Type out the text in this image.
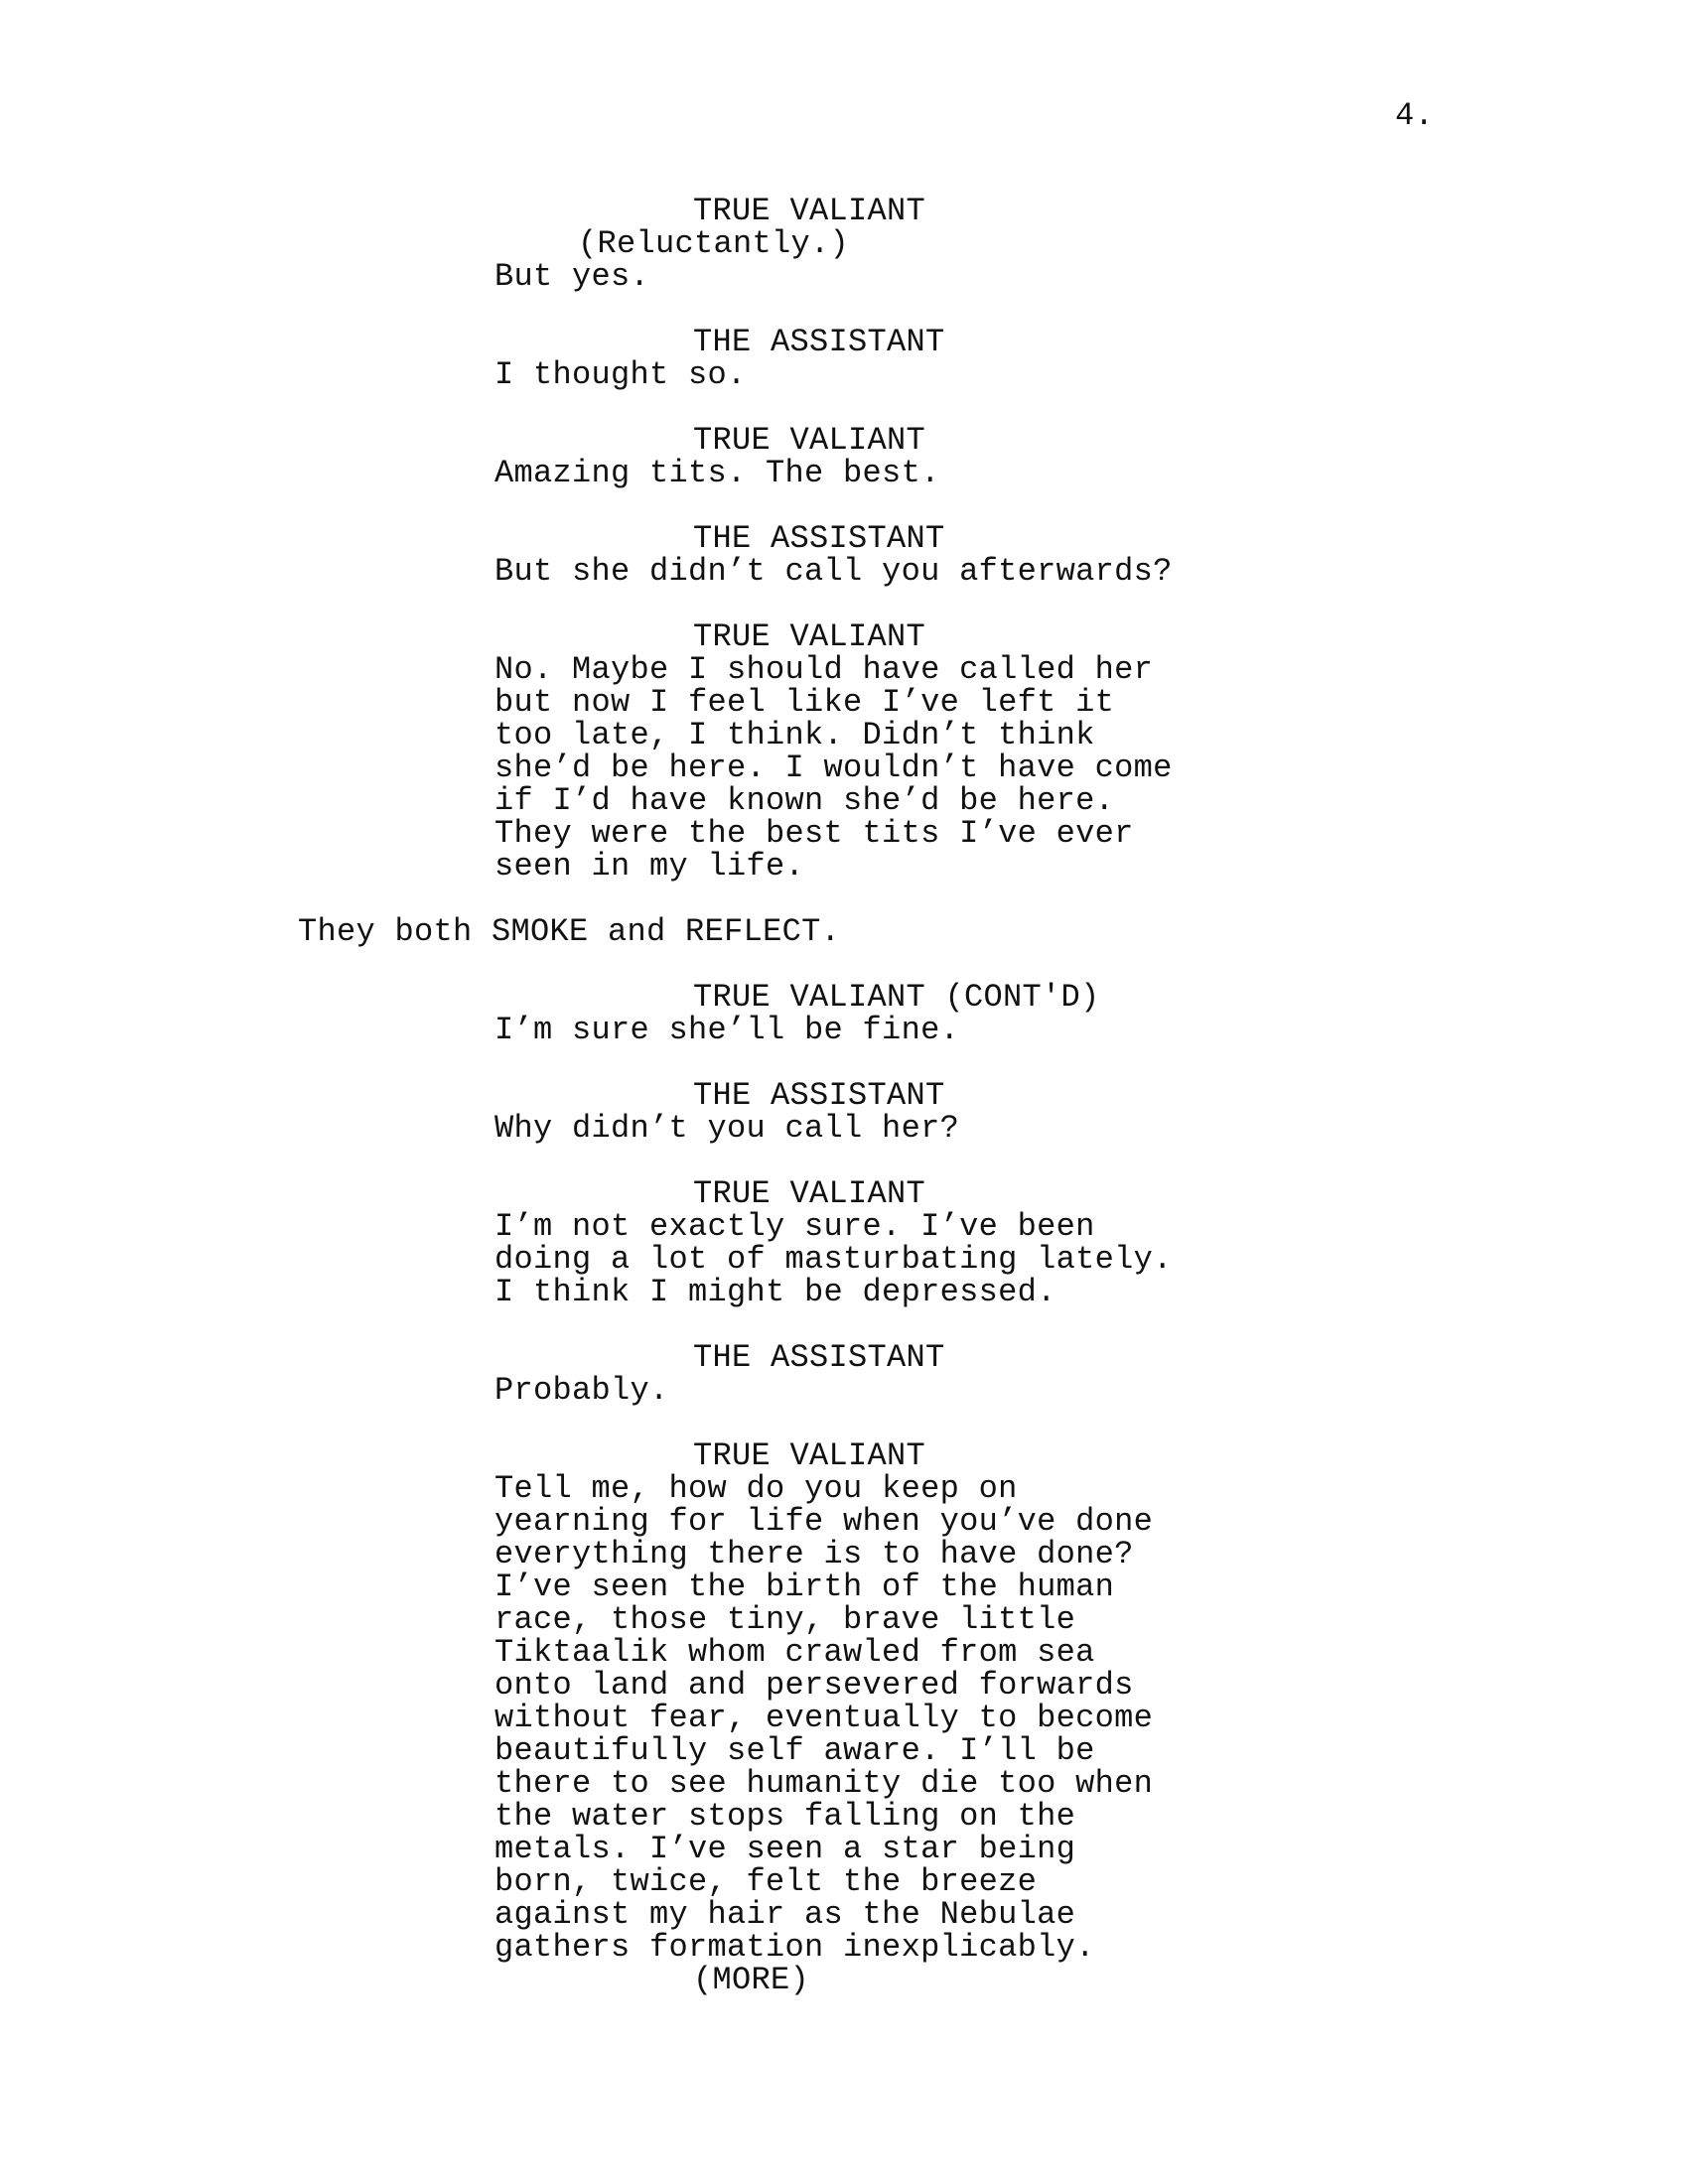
4.
TRUE VALIANT
(Reluctantly.)
But yes.
THE ASSISTANT
I thought so.
TRUE VALIANT
Amazing tits. The best.
THE ASSISTANT
But she didn’t call you afterwards?
TRUE VALIANT
No. Maybe I should have called her
but now I feel like I’ve left it
too late, I think. Didn’t think
she’d be here. I wouldn’t have come
if I’d have known she’d be here.
They were the best tits I’ve ever
seen in my life.
They both SMOKE and REFLECT.
TRUE VALIANT (CONT'D)
I’m sure she’ll be fine.
THE ASSISTANT
Why didn’t you call her?
TRUE VALIANT
I’m not exactly sure. I’ve been
doing a lot of masturbating lately.
I think I might be depressed.
THE ASSISTANT
Probably.
TRUE VALIANT
Tell me, how do you keep on
yearning for life when you’ve done
everything there is to have done?
I’ve seen the birth of the human
race, those tiny, brave little
Tiktaalik whom crawled from sea
onto land and persevered forwards
without fear, eventually to become
beautifully self aware. I’ll be
there to see humanity die too when
the water stops falling on the
metals. I’ve seen a star being
born, twice, felt the breeze
against my hair as the Nebulae
gathers formation inexplicably.
(MORE)
